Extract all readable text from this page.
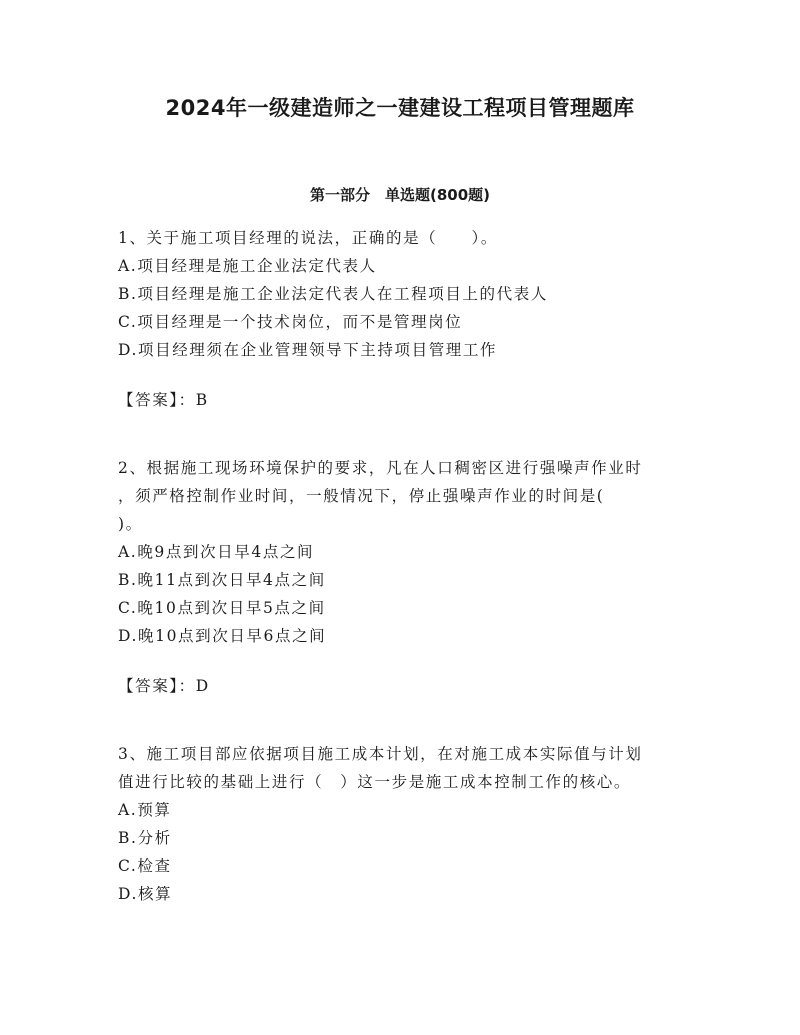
2024年一级建造师之一建建设工程项目管理题库
第一部分　单选题(800题)
1、关于施工项目经理的说法，正确的是（　　）。
A.项目经理是施工企业法定代表人
B.项目经理是施工企业法定代表人在工程项目上的代表人
C.项目经理是一个技术岗位，而不是管理岗位
D.项目经理须在企业管理领导下主持项目管理工作
【答案】：B
2、根据施工现场环境保护的要求，凡在人口稠密区进行强噪声作业时
，须严格控制作业时间，一般情况下，停止强噪声作业的时间是(
)。
A.晚9点到次日早4点之间
B.晚11点到次日早4点之间
C.晚10点到次日早5点之间
D.晚10点到次日早6点之间
【答案】：D
3、施工项目部应依据项目施工成本计划，在对施工成本实际值与计划
值进行比较的基础上进行（　）这一步是施工成本控制工作的核心。
A.预算
B.分析
C.检查
D.核算
